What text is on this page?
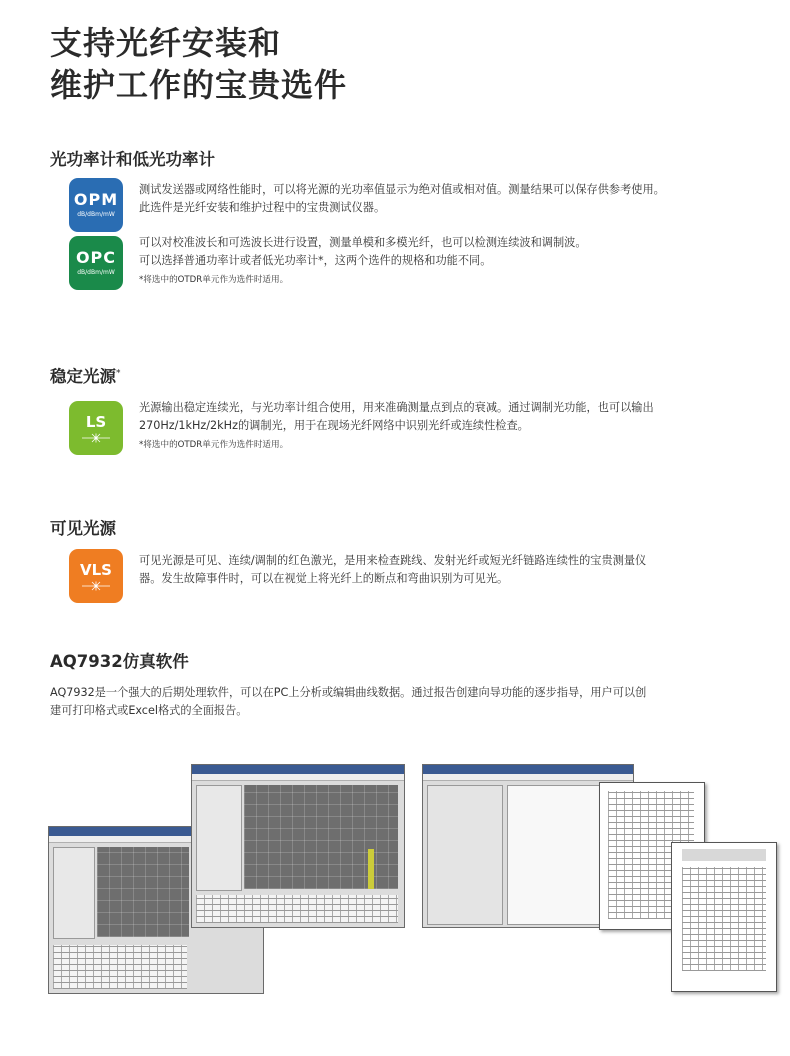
支持光纤安装和
维护工作的宝贵选件
光功率计和低光功率计
OPM
dB/dBm/mW
OPC
dB/dBm/mW
测试发送器或网络性能时，可以将光源的光功率值显示为绝对值或相对值。测量结果可以保存供参考使用。
此选件是光纤安装和维护过程中的宝贵测试仪器。
可以对校准波长和可选波长进行设置，测量单模和多模光纤，也可以检测连续波和调制波。
可以选择普通功率计或者低光功率计*，这两个选件的规格和功能不同。
*将选中的OTDR单元作为选件时适用。
稳定光源*
LS
光源输出稳定连续光，与光功率计组合使用，用来准确测量点到点的衰减。通过调制光功能，也可以输出
270Hz/1kHz/2kHz的调制光，用于在现场光纤网络中识别光纤或连续性检查。
*将选中的OTDR单元作为选件时适用。
可见光源
VLS
可见光源是可见、连续/调制的红色激光，是用来检查跳线、发射光纤或短光纤链路连续性的宝贵测量仪
器。发生故障事件时，可以在视觉上将光纤上的断点和弯曲识别为可见光。
AQ7932仿真软件
AQ7932是一个强大的后期处理软件，可以在PC上分析或编辑曲线数据。通过报告创建向导功能的逐步指导，用户可以创
建可打印格式或Excel格式的全面报告。
